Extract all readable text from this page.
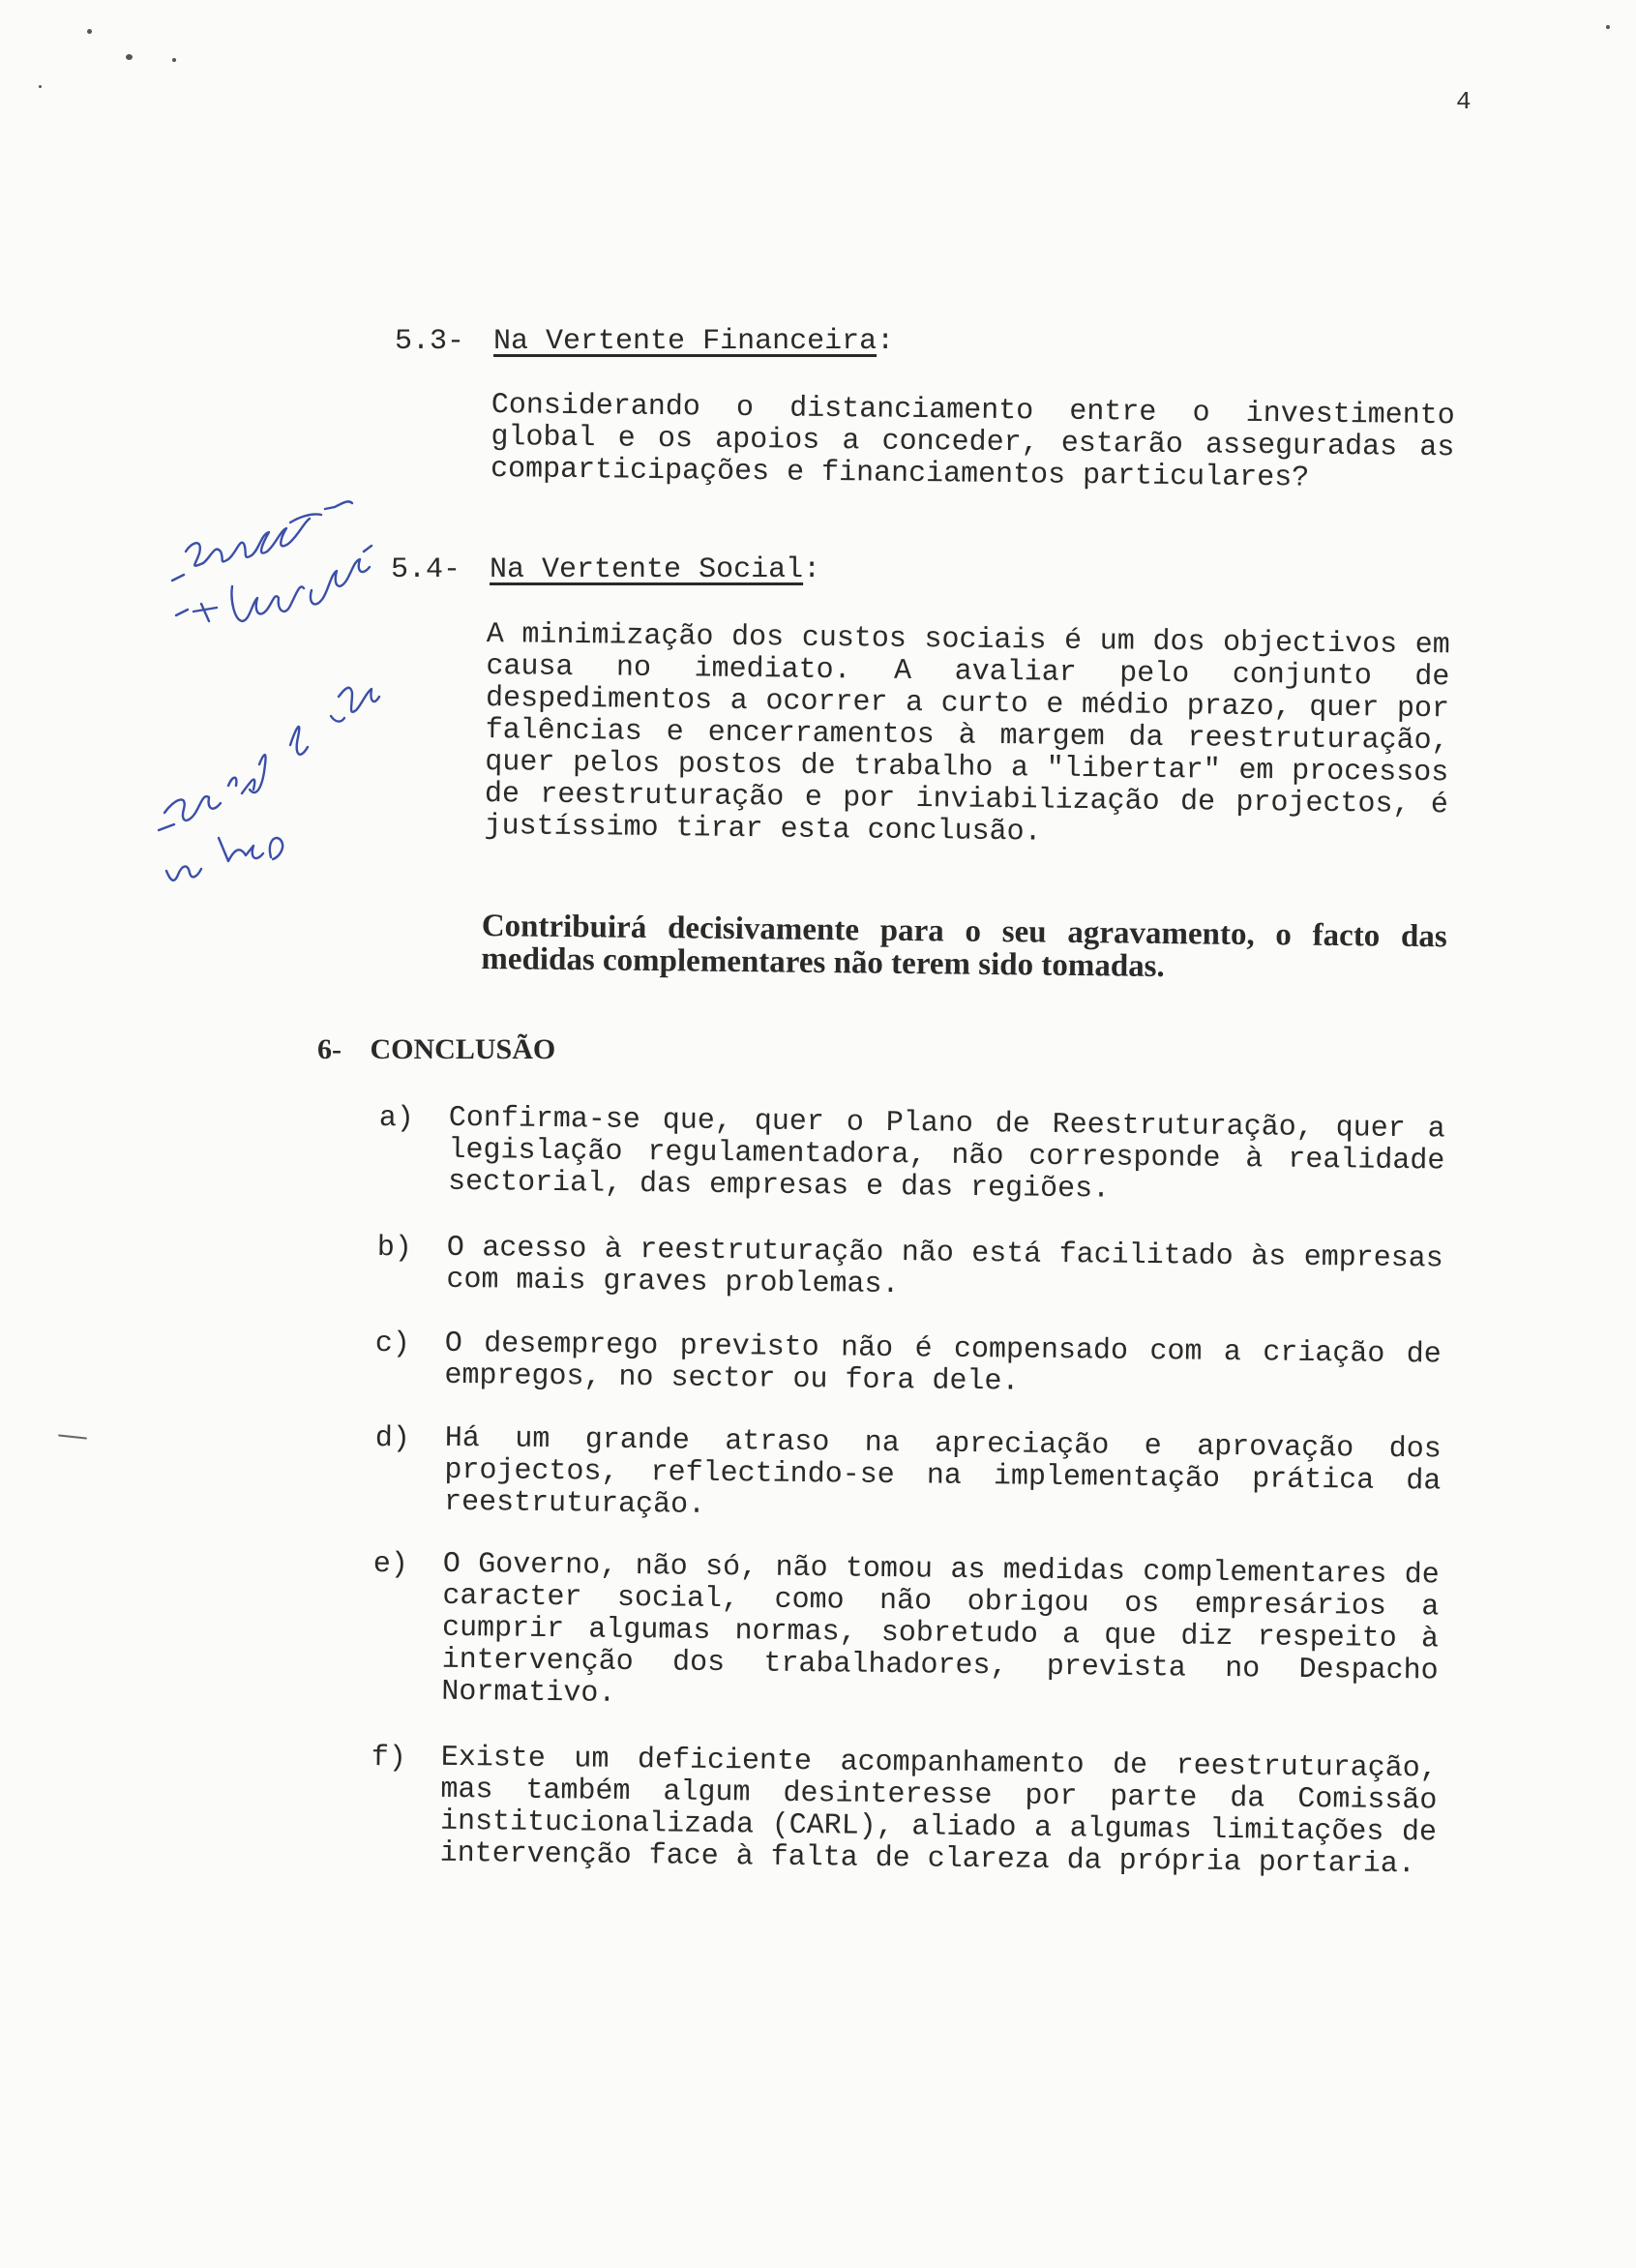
4
5.3- Na Vertente Financeira:
Considerando o distanciamento entre o investimento global e os apoios a conceder, estarão asseguradas as comparticipações e financiamentos particulares?
5.4- Na Vertente Social:
A minimização dos custos sociais é um dos objectivos em causa no imediato. A avaliar pelo conjunto de despedimentos a ocorrer a curto e médio prazo, quer por falências e encerramentos à margem da reestruturação, quer pelos postos de trabalho a "libertar" em processos de reestruturação e por inviabilização de projectos, é justíssimo tirar esta conclusão.
Contribuirá decisivamente para o seu agravamento, o facto das medidas complementares não terem sido tomadas.
6- CONCLUSÃO
a) Confirma-se que, quer o Plano de Reestruturação, quer a legislação regulamentadora, não corresponde à realidade sectorial, das empresas e das regiões.
b) O acesso à reestruturação não está facilitado às empresas com mais graves problemas.
c) O desemprego previsto não é compensado com a criação de empregos, no sector ou fora dele.
d) Há um grande atraso na apreciação e aprovação dos projectos, reflectindo-se na implementação prática da reestruturação.
e) O Governo, não só, não tomou as medidas complementares de caracter social, como não obrigou os empresários a cumprir algumas normas, sobretudo a que diz respeito à intervenção dos trabalhadores, prevista no Despacho Normativo.
f) Existe um deficiente acompanhamento de reestruturação, mas também algum desinteresse por parte da Comissão institucionalizada (CARL), aliado a algumas limitações de intervenção face à falta de clareza da própria portaria.
